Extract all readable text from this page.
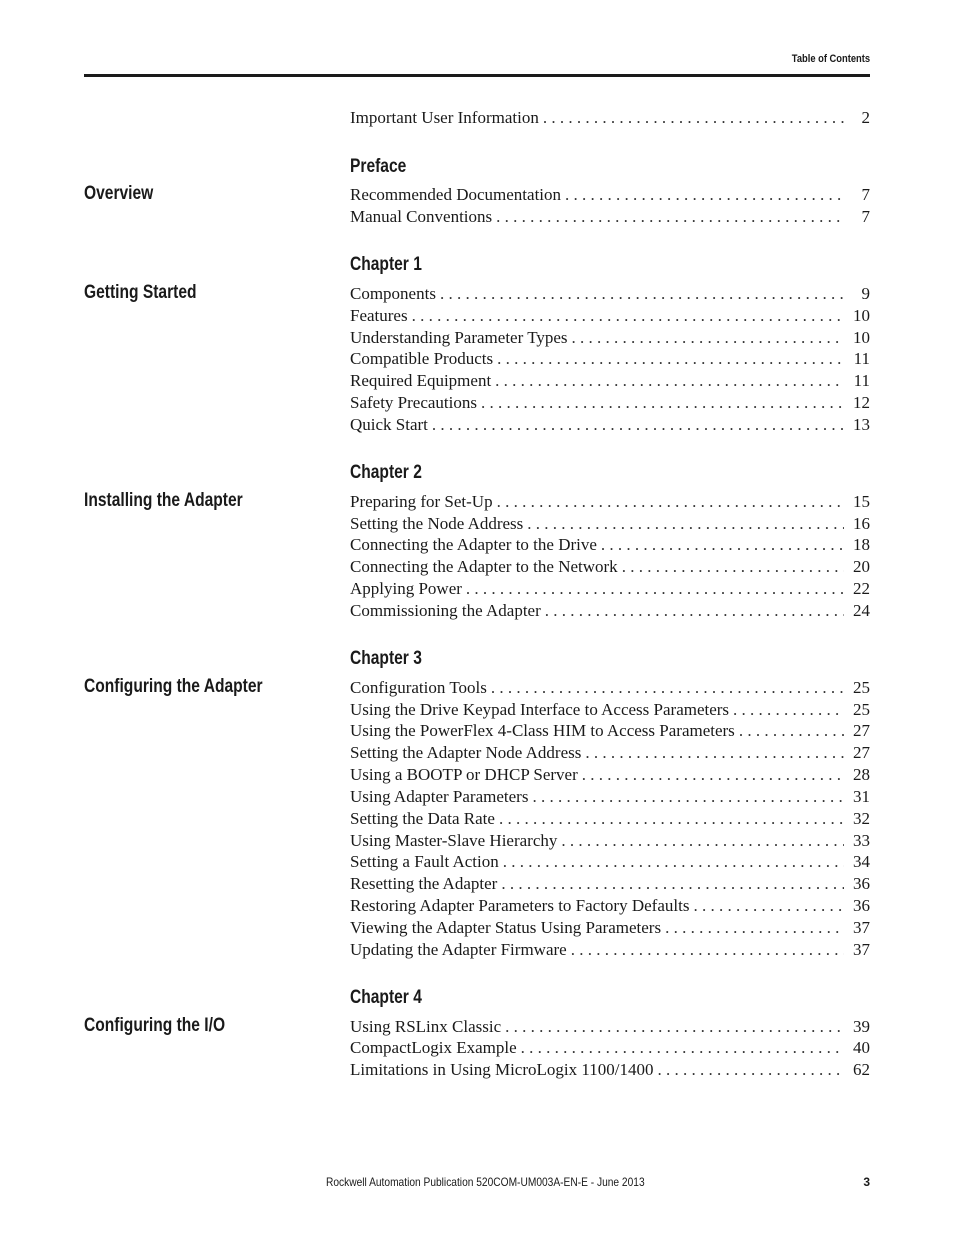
Table of Contents
Important User Information . . .	2
Preface
Overview	Recommended Documentation . . .	7
Manual Conventions . . .	7
Chapter 1
Getting Started	Components . . .	9
Features . . .	10
Understanding Parameter Types . . .	10
Compatible Products . . .	11
Required Equipment . . .	11
Safety Precautions . . .	12
Quick Start . . .	13
Chapter 2
Installing the Adapter	Preparing for Set-Up . . .	15
Setting the Node Address . . .	16
Connecting the Adapter to the Drive . . .	18
Connecting the Adapter to the Network . . .	20
Applying Power . . .	22
Commissioning the Adapter . . .	24
Chapter 3
Configuring the Adapter	Configuration Tools . . .	25
Using the Drive Keypad Interface to Access Parameters . . .	25
Using the PowerFlex 4-Class HIM to Access Parameters . . .	27
Setting the Adapter Node Address . . .	27
Using a BOOTP or DHCP Server . . .	28
Using Adapter Parameters . . .	31
Setting the Data Rate . . .	32
Using Master-Slave Hierarchy . . .	33
Setting a Fault Action . . .	34
Resetting the Adapter . . .	36
Restoring Adapter Parameters to Factory Defaults . . .	36
Viewing the Adapter Status Using Parameters . . .	37
Updating the Adapter Firmware . . .	37
Chapter 4
Configuring the I/O	Using RSLinx Classic . . .	39
CompactLogix Example . . .	40
Limitations in Using MicroLogix 1100/1400 . . .	62
Rockwell Automation Publication 520COM-UM003A-EN-E - June 2013	3
